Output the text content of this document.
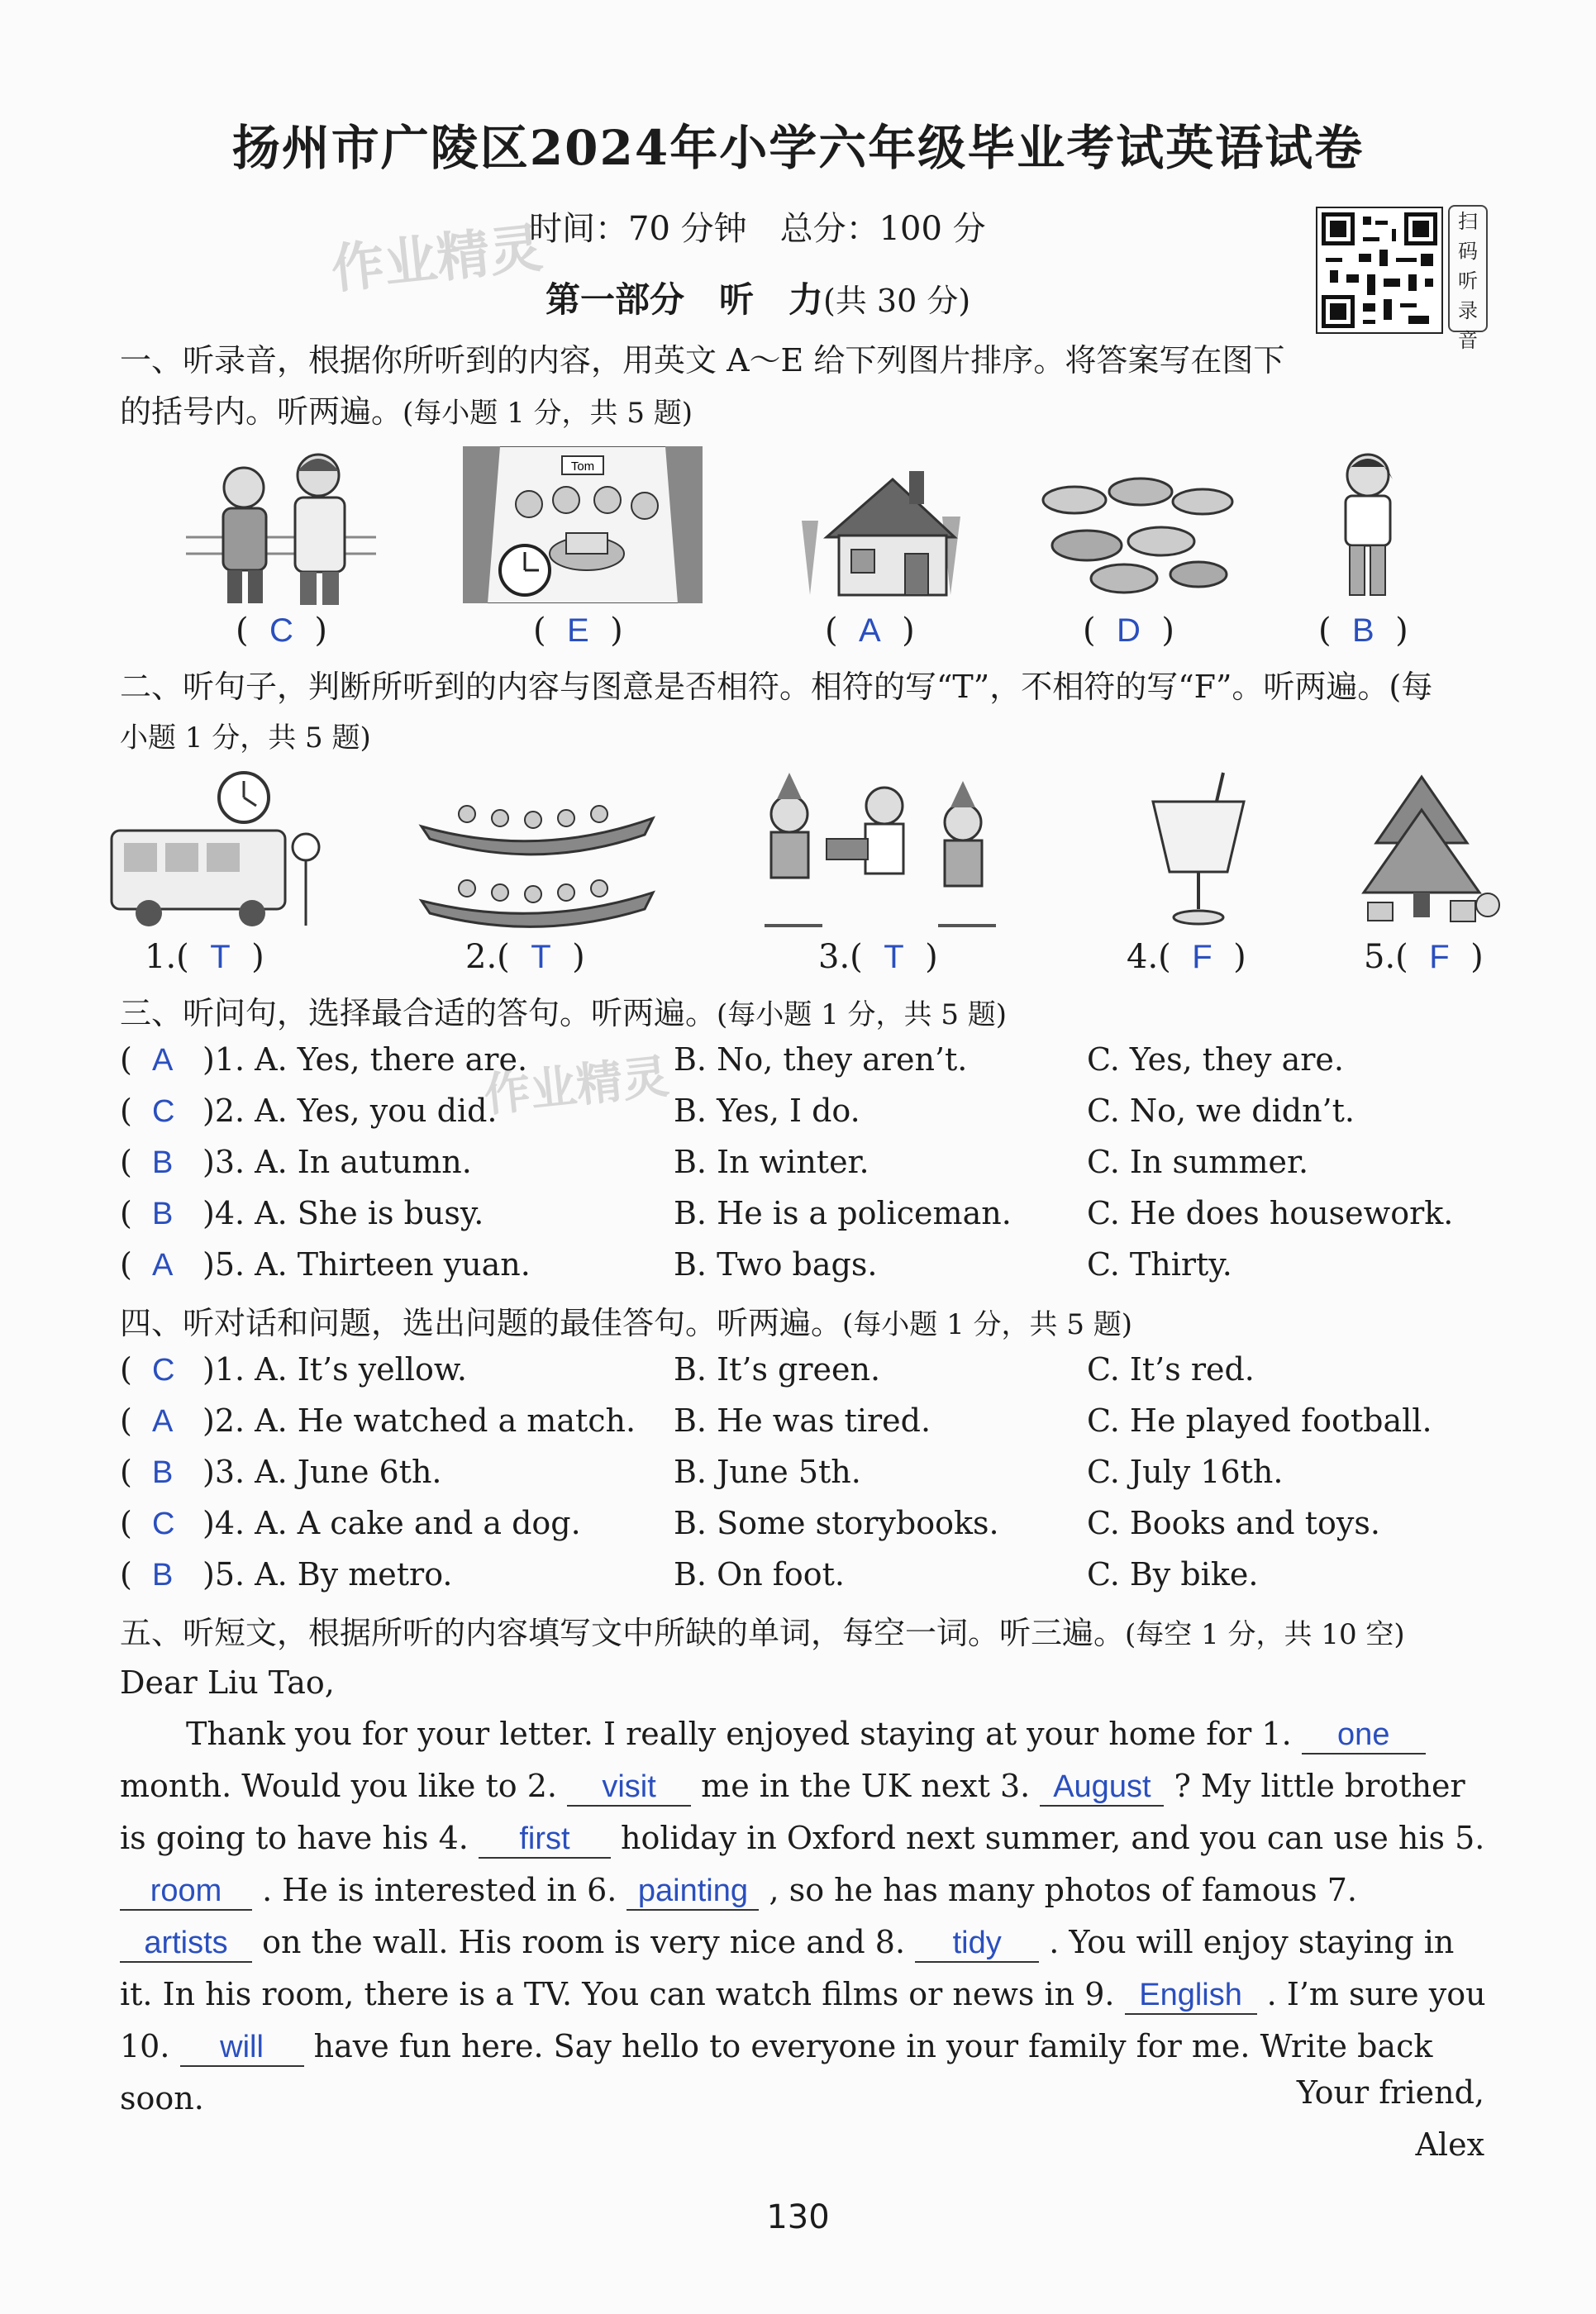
扬州市广陵区2024年小学六年级毕业考试英语试卷
时间：70 分钟　总分：100 分
第一部分　听　力(共 30 分)
作业精灵	扫码听录音
一、听录音，根据你所听到的内容，用英文 A～E 给下列图片排序。将答案写在图下
的括号内。听两遍。(每小题 1 分，共 5 题)
Tom
(  C  )	(  E  )	(  A  )	(  D  )	(  B  )
二、听句子，判断所听到的内容与图意是否相符。相符的写“T”，不相符的写“F”。听两遍。(每
小题 1 分，共 5 题)
1.(  T  )	2.(  T  )	3.(  T  )	4.(  F  )	5.(  F  )
三、听问句，选择最合适的答句。听两遍。(每小题 1 分，共 5 题)
作业精灵
(  A )1. A. Yes, there are.	B. No, they aren’t.	C. Yes, they are.
(  C )2. A. Yes, you did.	B. Yes, I do.	C. No, we didn’t.
(  B )3. A. In autumn.	B. In winter.	C. In summer.
(  B )4. A. She is busy.	B. He is a policeman. C. He does housework.
(  A )5. A. Thirteen yuan.	B. Two bags.	C. Thirty.
四、听对话和问题，选出问题的最佳答句。听两遍。(每小题 1 分，共 5 题)
(  C )1. A. It’s yellow.	B. It’s green.	C. It’s red.
(  A )2. A. He watched a match. B. He was tired.	C. He played football.
(  B )3. A. June 6th.	B. June 5th.	C. July 16th.
(  C )4. A. A cake and a dog.	B. Some storybooks.	C. Books and toys.
(  B )5. A. By metro.	B. On foot.	C. By bike.
五、听短文，根据所听的内容填写文中所缺的单词，每空一词。听三遍。(每空 1 分，共 10 空)
Dear Liu Tao,
Thank you for your letter. I really enjoyed staying at your home for 1. one month. Would you like to 2. visit me in the UK next 3. August ? My little brother is going to have his 4. first holiday in Oxford next summer, and you can use his 5. room . He is interested in 6. painting , so he has many photos of famous 7. artists on the wall. His room is very nice and 8. tidy . You will enjoy staying in it. In his room, there is a TV. You can watch films or news in 9. English . I’m sure you 10. will have fun here. Say hello to everyone in your family for me. Write back soon.	Your friend,
Alex
130
